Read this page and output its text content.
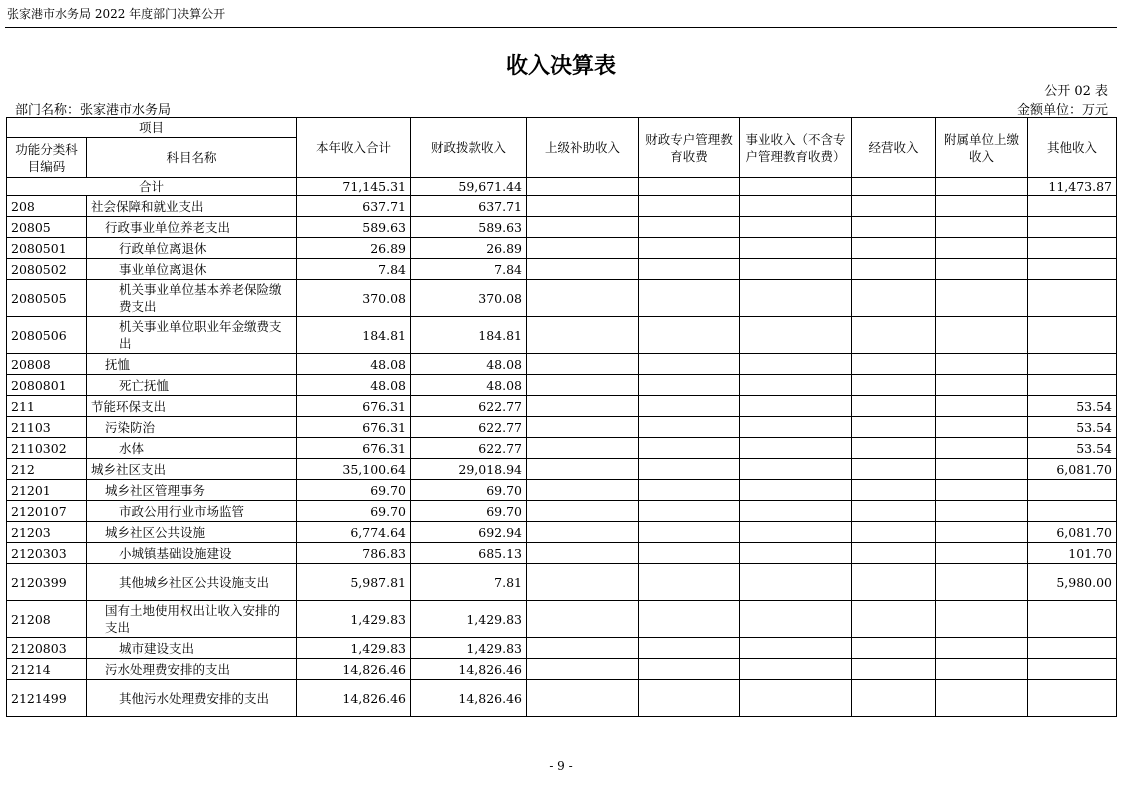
张家港市水务局 2022 年度部门决算公开
收入决算表
公开 02 表
部门名称：张家港市水务局	金额单位：万元
项目		本年收入合计	财政拨款收入	上级补助收入	财政专户管理教育收费	事业收入（不含专户管理教育收费）	经营收入	附属单位上缴收入	其他收入
功能分类科目编码	科目名称								
合计		71,145.31	59,671.44						11,473.87
208	社会保障和就业支出	637.71	637.71						
20805	行政事业单位养老支出	589.63	589.63						
2080501	行政单位离退休	26.89	26.89						
2080502	事业单位离退休	7.84	7.84						
2080505	机关事业单位基本养老保险缴费支出	370.08	370.08						
2080506	机关事业单位职业年金缴费支出	184.81	184.81						
20808	抚恤	48.08	48.08						
2080801	死亡抚恤	48.08	48.08						
211	节能环保支出	676.31	622.77						53.54
21103	污染防治	676.31	622.77						53.54
2110302	水体	676.31	622.77						53.54
212	城乡社区支出	35,100.64	29,018.94						6,081.70
21201	城乡社区管理事务	69.70	69.70						
2120107	市政公用行业市场监管	69.70	69.70						
21203	城乡社区公共设施	6,774.64	692.94						6,081.70
2120303	小城镇基础设施建设	786.83	685.13						101.70
2120399	其他城乡社区公共设施支出	5,987.81	7.81						5,980.00
21208	国有土地使用权出让收入安排的支出	1,429.83	1,429.83						
2120803	城市建设支出	1,429.83	1,429.83						
21214	污水处理费安排的支出	14,826.46	14,826.46						
2121499	其他污水处理费安排的支出	14,826.46	14,826.46						
- 9 -
